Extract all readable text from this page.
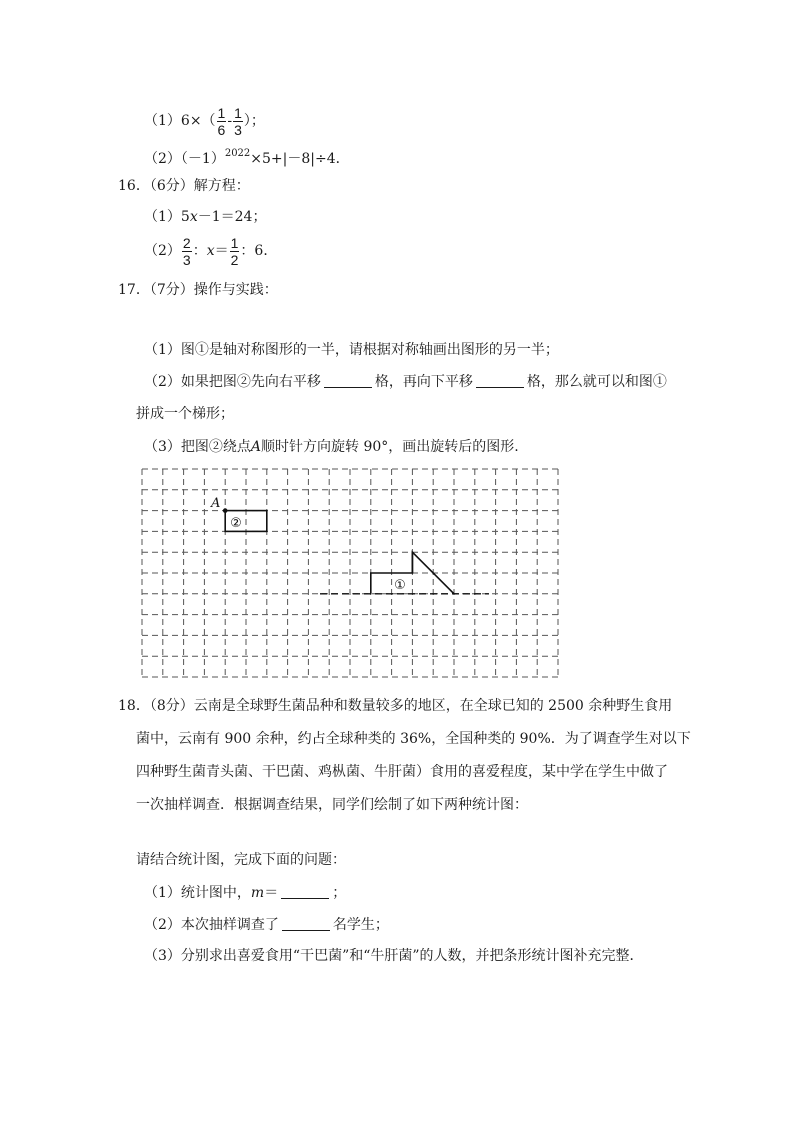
$(1)6\times( \frac{1}{6} - \frac{1}{3}$ ）；
$(2)(-1)^{2022}\times 5+|-8|\div 4$．
16．（6分）解方程：
（1）5x－1＝24；
$(2) \frac{2}{3}$ ：$x= \frac{1}{2}$ ：6．
17．（7分）操作与实践：
（1）图①是轴对称图形的一半，请根据对称轴画出图形的另一半；
（2）如果把图②先向右平移	格，再向下平移	格，那么就可以和图①
拼成一个梯形；
（3）把图②绕点A顺时针方向旋转 90°，画出旋转后的图形.
①
②
A
18．（8分）云南是全球野生菌品种和数量较多的地区，在全球已知的 2500 余种野生食用
菌中，云南有 900 余种，约占全球种类的 36%，全国种类的 90%．为了调查学生对以下
四种野生菌青头菌、干巴菌、鸡枞菌、牛肝菌）食用的喜爱程度，某中学在学生中做了
一次抽样调查．根据调查结果，同学们绘制了如下两种统计图：
请结合统计图，完成下面的问题：
（1）统计图中，m＝	；
（2）本次抽样调查了	名学生；
（3）分别求出喜爱食用“干巴菌”和“牛肝菌”的人数，并把条形统计图补充完整．
